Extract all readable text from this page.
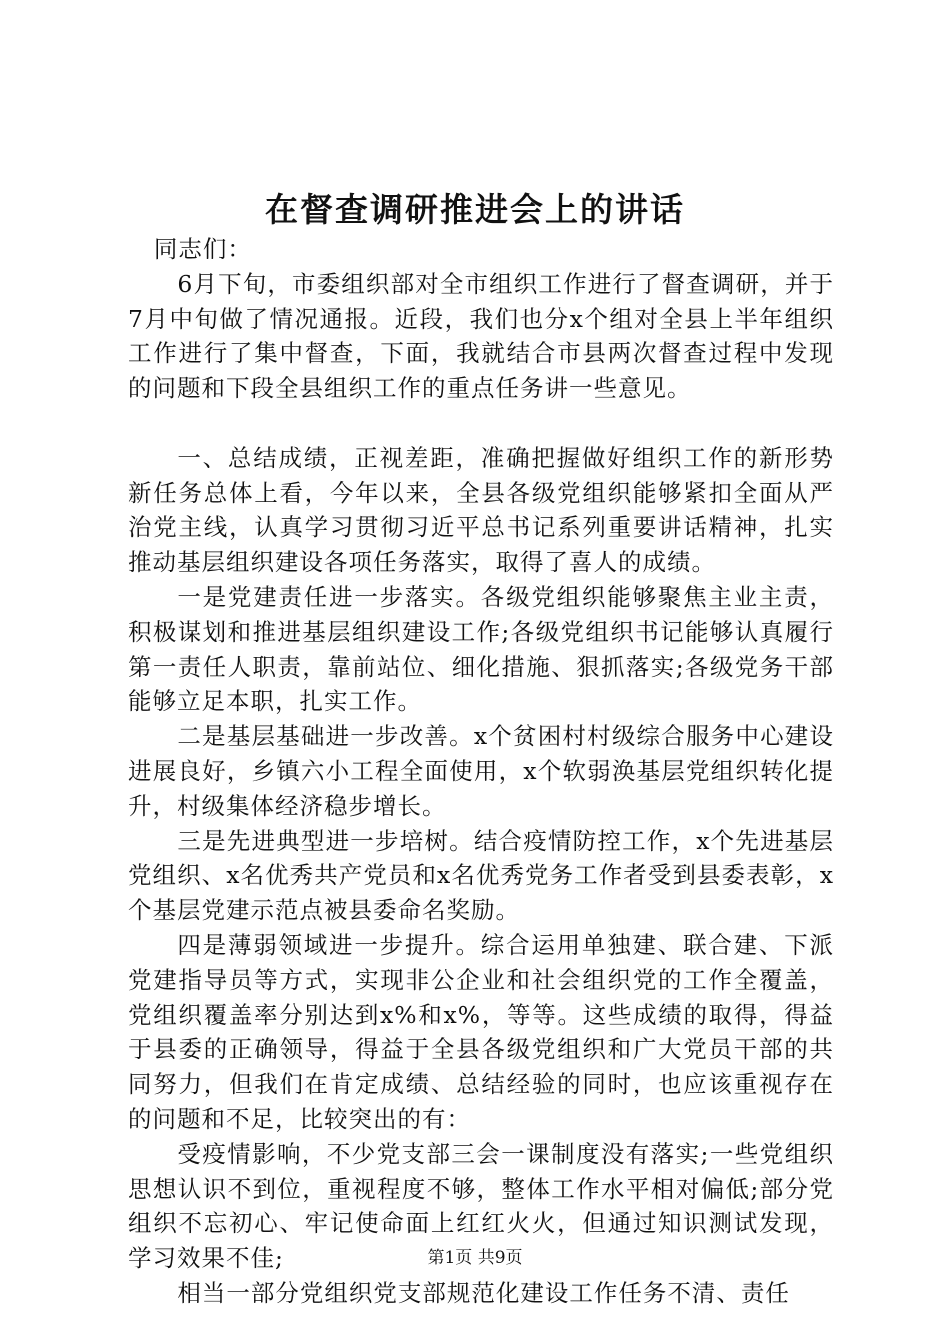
在督查调研推进会上的讲话

同志们：

6月下旬，市委组织部对全市组织工作进行了督查调研，并于7月中旬做了情况通报。近段，我们也分x个组对全县上半年组织工作进行了集中督查，下面，我就结合市县两次督查过程中发现的问题和下段全县组织工作的重点任务讲一些意见。

一、总结成绩，正视差距，准确把握做好组织工作的新形势新任务总体上看，今年以来，全县各级党组织能够紧扣全面从严治党主线，认真学习贯彻习近平总书记系列重要讲话精神，扎实推动基层组织建设各项任务落实，取得了喜人的成绩。

一是党建责任进一步落实。各级党组织能够聚焦主业主责，积极谋划和推进基层组织建设工作;各级党组织书记能够认真履行第一责任人职责，靠前站位、细化措施、狠抓落实;各级党务干部能够立足本职，扎实工作。

二是基层基础进一步改善。x个贫困村村级综合服务中心建设进展良好，乡镇六小工程全面使用，x个软弱涣基层党组织转化提升，村级集体经济稳步增长。

三是先进典型进一步培树。结合疫情防控工作，x个先进基层党组织、x名优秀共产党员和x名优秀党务工作者受到县委表彰，x个基层党建示范点被县委命名奖励。

四是薄弱领域进一步提升。综合运用单独建、联合建、下派党建指导员等方式，实现非公企业和社会组织党的工作全覆盖，党组织覆盖率分别达到x%和x%，等等。这些成绩的取得，得益于县委的正确领导，得益于全县各级党组织和广大党员干部的共同努力，但我们在肯定成绩、总结经验的同时，也应该重视存在的问题和不足，比较突出的有：

受疫情影响，不少党支部三会一课制度没有落实;一些党组织思想认识不到位，重视程度不够，整体工作水平相对偏低;部分党组织不忘初心、牢记使命面上红红火火，但通过知识测试发现，学习效果不佳;

相当一部分党组织党支部规范化建设工作任务不清、责任

第1页 共9页
